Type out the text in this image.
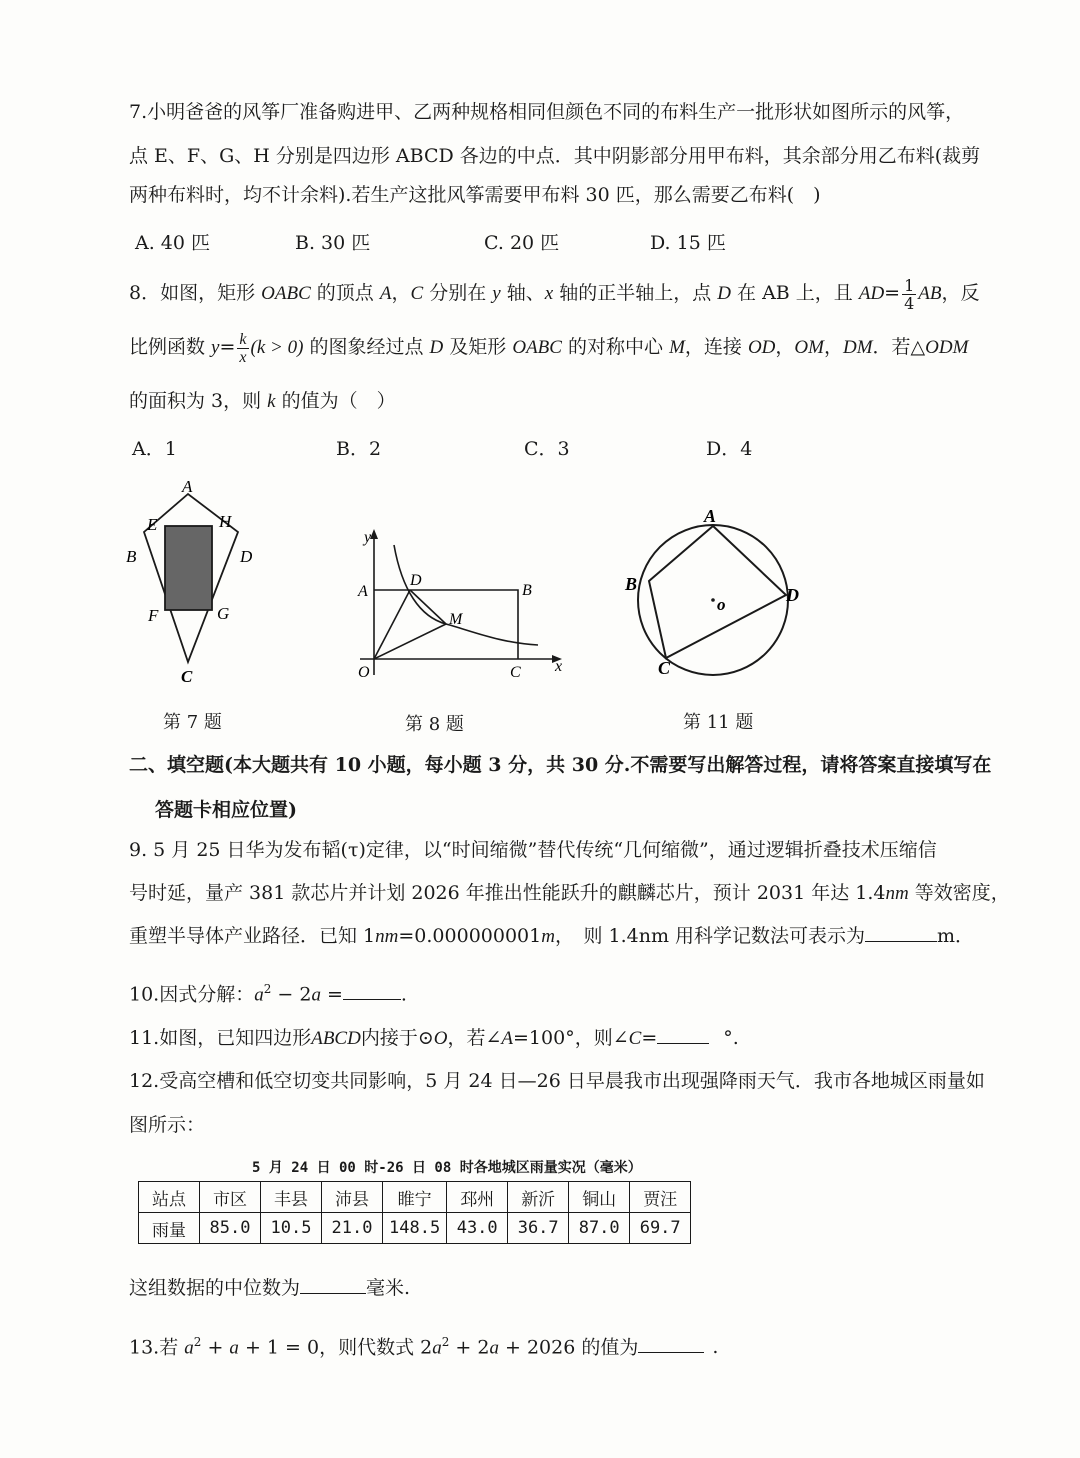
7.小明爸爸的风筝厂准备购进甲、乙两种规格相同但颜色不同的布料生产一批形状如图所示的风筝，
点 E、F、G、H 分别是四边形 ABCD 各边的中点．其中阴影部分用甲布料，其余部分用乙布料(裁剪
两种布料时，均不计余料).若生产这批风筝需要甲布料 30 匹，那么需要乙布料(　)
A. 40 匹	B. 30 匹	C. 20 匹	D. 15 匹
8．如图，矩形 OABC 的顶点 A，C 分别在 y 轴、x 轴的正半轴上，点 D 在 AB 上，且 $AD= \frac{1}{4}$ AB，反
比例函数 $y= \frac{k}{x} (k > 0)$ 的图象经过点 D 及矩形 OABC 的对称中心 M，连接 OD，OM，DM．若△ODM
的面积为 3，则 k 的值为（　）
A．1	B．2	C．3	D．4
A
E	H
B	D
F	G
C
第 7 题
y
A
D
B
M
O	C x
第 8 题
A
B
D
C
o
第 11 题
二、填空题(本大题共有 10 小题，每小题 3 分，共 30 分.不需要写出解答过程，请将答案直接填写在
答题卡相应位置)
9. 5 月 25 日华为发布韬(τ)定律，以“时间缩微”替代传统“几何缩微”，通过逻辑折叠技术压缩信
号时延，量产 381 款芯片并计划 2026 年推出性能跃升的麒麟芯片，预计 2031 年达 1.4nm 等效密度，
重塑半导体产业路径．已知 1nm=0.000000001m，　则 1.4nm 用科学记数法可表示为	m．
10.因式分解：$a^2 - 2a$ =	.
11.如图，已知四边形ABCD内接于⊙O，若∠A=100°，则∠C=	°.
12.受高空槽和低空切变共同影响，5 月 24 日—26 日早晨我市出现强降雨天气．我市各地城区雨量如
图所示：
5 月 24 日 00 时-26 日 08 时各地城区雨量实况（毫米）
站点	市区	丰县	沛县	睢宁	邳州	新沂	铜山	贾汪
雨量	85.0	10.5	21.0	148.5	43.0	36.7	87.0	69.7
这组数据的中位数为	毫米.
13.若 $a^2 + a + 1 = 0$，则代数式 $2a^2 + 2a + 2026$ 的值为	.
